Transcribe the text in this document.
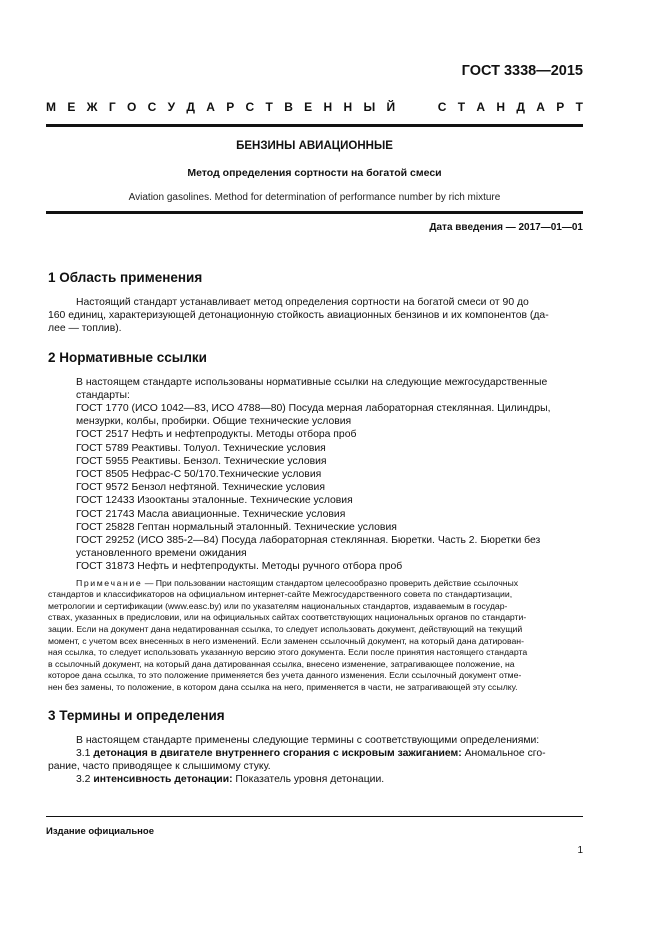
ГОСТ 3338—2015
М Е Ж Г О С У Д А Р С Т В Е Н Н Ы Й	С Т А Н Д А Р Т
БЕНЗИНЫ АВИАЦИОННЫЕ
Метод определения сортности на богатой смеси
Aviation gasolines. Method for determination of performance number by rich mixture
Дата введения — 2017—01—01
1 Область применения

Настоящий стандарт устанавливает метод определения сортности на богатой смеси от 90 до

160 единиц, характеризующей детонационную стойкость авиационных бензинов и их компонентов (да-

лее — топлив).

2 Нормативные ссылки

В настоящем стандарте использованы нормативные ссылки на следующие межгосударственные

стандарты:

ГОСТ 1770 (ИСО 1042—83, ИСО 4788—80) Посуда мерная лабораторная стеклянная. Цилиндры,

мензурки, колбы, пробирки. Общие технические условия

ГОСТ 2517 Нефть и нефтепродукты. Методы отбора проб

ГОСТ 5789 Реактивы. Толуол. Технические условия

ГОСТ 5955 Реактивы. Бензол. Технические условия

ГОСТ 8505 Нефрас-С 50/170.Технические условия

ГОСТ 9572 Бензол нефтяной. Технические условия

ГОСТ 12433 Изооктаны эталонные. Технические условия

ГОСТ 21743 Масла авиационные. Технические условия

ГОСТ 25828 Гептан нормальный эталонный. Технические условия

ГОСТ 29252 (ИСО 385-2—84) Посуда лабораторная стеклянная. Бюретки. Часть 2. Бюретки без

установленного времени ожидания

ГОСТ 31873 Нефть и нефтепродукты. Методы ручного отбора проб

Примечание — При пользовании настоящим стандартом целесообразно проверить действие ссылочных

стандартов и классификаторов на официальном интернет-сайте Межгосударственного совета по стандартизации,

метрологии и сертификации (www.easc.by) или по указателям национальных стандартов, издаваемым в государ-

ствах, указанных в предисловии, или на официальных сайтах соответствующих национальных органов по стандарти-

зации. Если на документ дана недатированная ссылка, то следует использовать документ, действующий на текущий

момент, с учетом всех внесенных в него изменений. Если заменен ссылочный документ, на который дана датирован-

ная ссылка, то следует использовать указанную версию этого документа. Если после принятия настоящего стандарта

в ссылочный документ, на который дана датированная ссылка, внесено изменение, затрагивающее положение, на

которое дана ссылка, то это положение применяется без учета данного изменения. Если ссылочный документ отме-

нен без замены, то положение, в котором дана ссылка на него, применяется в части, не затрагивающей эту ссылку.

3 Термины и определения

В настоящем стандарте применены следующие термины с соответствующими определениями:

3.1 детонация в двигателе внутреннего сгорания с искровым зажиганием: Аномальное сго-

рание, часто приводящее к слышимому стуку.

3.2 интенсивность детонации: Показатель уровня детонации.

Издание официальное
1
